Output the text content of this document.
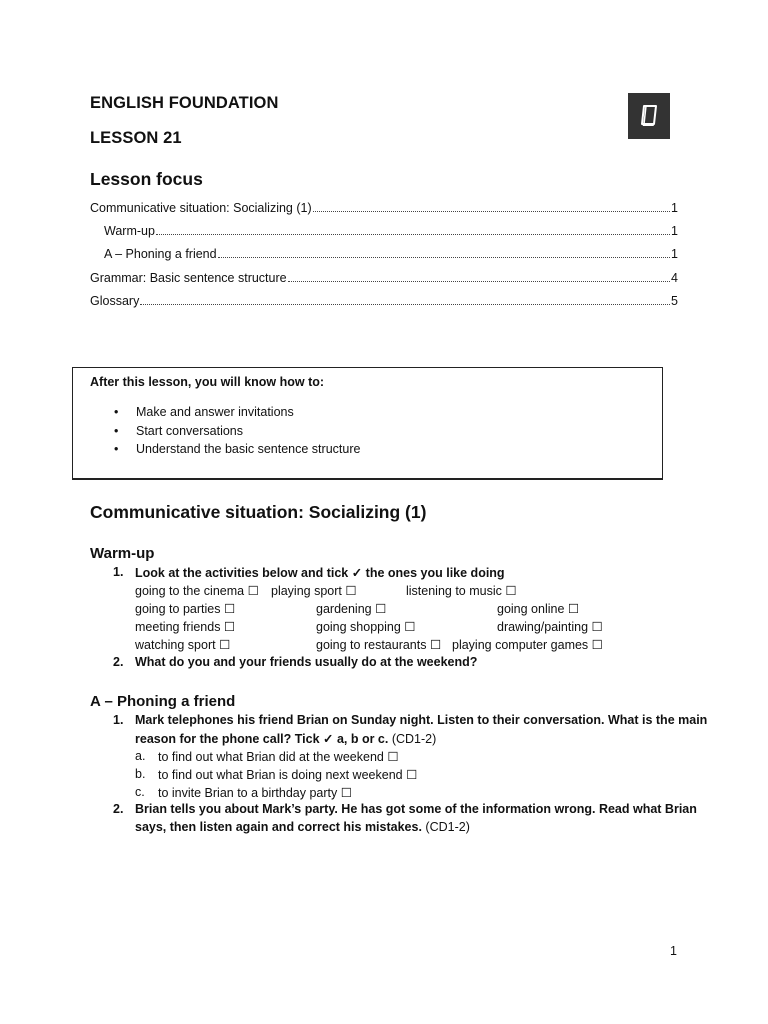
ENGLISH FOUNDATION
LESSON 21
Lesson focus
Communicative situation: Socializing (1)	1
Warm-up	1
A – Phoning a friend	1
Grammar: Basic sentence structure	4
Glossary	5
After this lesson, you will know how to:
• Make and answer invitations
• Start conversations
• Understand the basic sentence structure
Communicative situation: Socializing (1)
Warm-up
1. Look at the activities below and tick ✓ the ones you like doing
going to the cinema ☐ playing sport ☐	listening to music ☐
going to parties ☐	gardening ☐	going online ☐
meeting friends ☐	going shopping ☐	drawing/painting ☐
watching sport ☐	going to restaurants ☐ playing computer games ☐
2. What do you and your friends usually do at the weekend?
A – Phoning a friend
1. Mark telephones his friend Brian on Sunday night. Listen to their conversation. What is the main
reason for the phone call? Tick ✓ a, b or c. (CD1-2)
a. to find out what Brian did at the weekend ☐
b. to find out what Brian is doing next weekend ☐
c. to invite Brian to a birthday party ☐
2. Brian tells you about Mark’s party. He has got some of the information wrong. Read what Brian
says, then listen again and correct his mistakes. (CD1-2)
1
